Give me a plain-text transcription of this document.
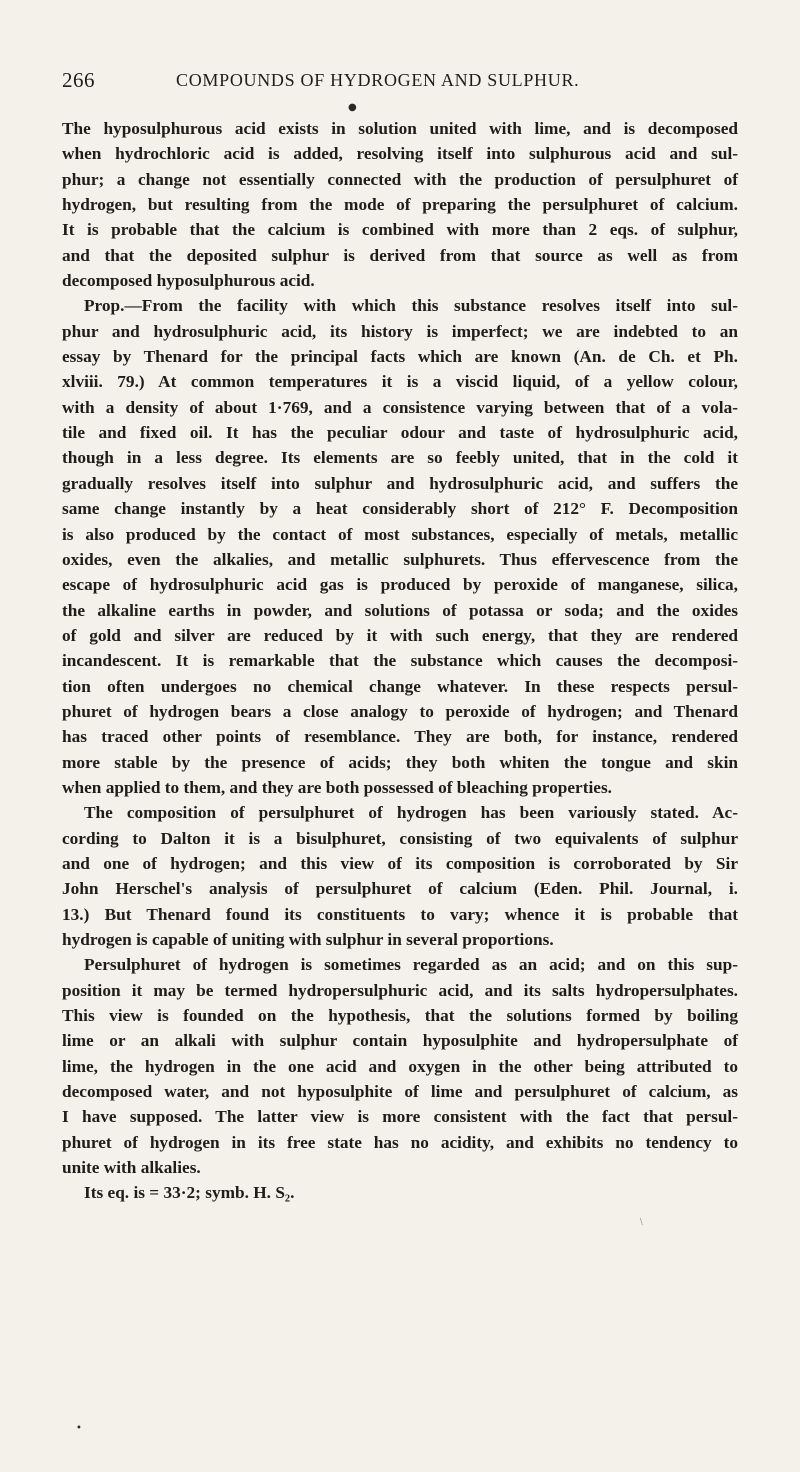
266	COMPOUNDS OF HYDROGEN AND SULPHUR.
●
•
\
The hyposulphurous acid exists in solution united with lime, and is decomposed
when hydrochloric acid is added, resolving itself into sulphurous acid and sul-
phur; a change not essentially connected with the production of persulphuret of
hydrogen, but resulting from the mode of preparing the persulphuret of calcium.
It is probable that the calcium is combined with more than 2 eqs. of sulphur,
and that the deposited sulphur is derived from that source as well as from
decomposed hyposulphurous acid.
Prop.—From the facility with which this substance resolves itself into sul-
phur and hydrosulphuric acid, its history is imperfect; we are indebted to an
essay by Thenard for the principal facts which are known (An. de Ch. et Ph.
xlviii. 79.) At common temperatures it is a viscid liquid, of a yellow colour,
with a density of about 1·769, and a consistence varying between that of a vola-
tile and fixed oil. It has the peculiar odour and taste of hydrosulphuric acid,
though in a less degree. Its elements are so feebly united, that in the cold it
gradually resolves itself into sulphur and hydrosulphuric acid, and suffers the
same change instantly by a heat considerably short of 212° F. Decomposition
is also produced by the contact of most substances, especially of metals, metallic
oxides, even the alkalies, and metallic sulphurets. Thus effervescence from the
escape of hydrosulphuric acid gas is produced by peroxide of manganese, silica,
the alkaline earths in powder, and solutions of potassa or soda; and the oxides
of gold and silver are reduced by it with such energy, that they are rendered
incandescent. It is remarkable that the substance which causes the decomposi-
tion often undergoes no chemical change whatever. In these respects persul-
phuret of hydrogen bears a close analogy to peroxide of hydrogen; and Thenard
has traced other points of resemblance. They are both, for instance, rendered
more stable by the presence of acids; they both whiten the tongue and skin
when applied to them, and they are both possessed of bleaching properties.
The composition of persulphuret of hydrogen has been variously stated. Ac-
cording to Dalton it is a bisulphuret, consisting of two equivalents of sulphur
and one of hydrogen; and this view of its composition is corroborated by Sir
John Herschel's analysis of persulphuret of calcium (Eden. Phil. Journal, i.
13.) But Thenard found its constituents to vary; whence it is probable that
hydrogen is capable of uniting with sulphur in several proportions.
Persulphuret of hydrogen is sometimes regarded as an acid; and on this sup-
position it may be termed hydropersulphuric acid, and its salts hydropersulphates.
This view is founded on the hypothesis, that the solutions formed by boiling
lime or an alkali with sulphur contain hyposulphite and hydropersulphate of
lime, the hydrogen in the one acid and oxygen in the other being attributed to
decomposed water, and not hyposulphite of lime and persulphuret of calcium, as
I have supposed. The latter view is more consistent with the fact that persul-
phuret of hydrogen in its free state has no acidity, and exhibits no tendency to
unite with alkalies.
Its eq. is = 33·2; symb. H. S₂.
